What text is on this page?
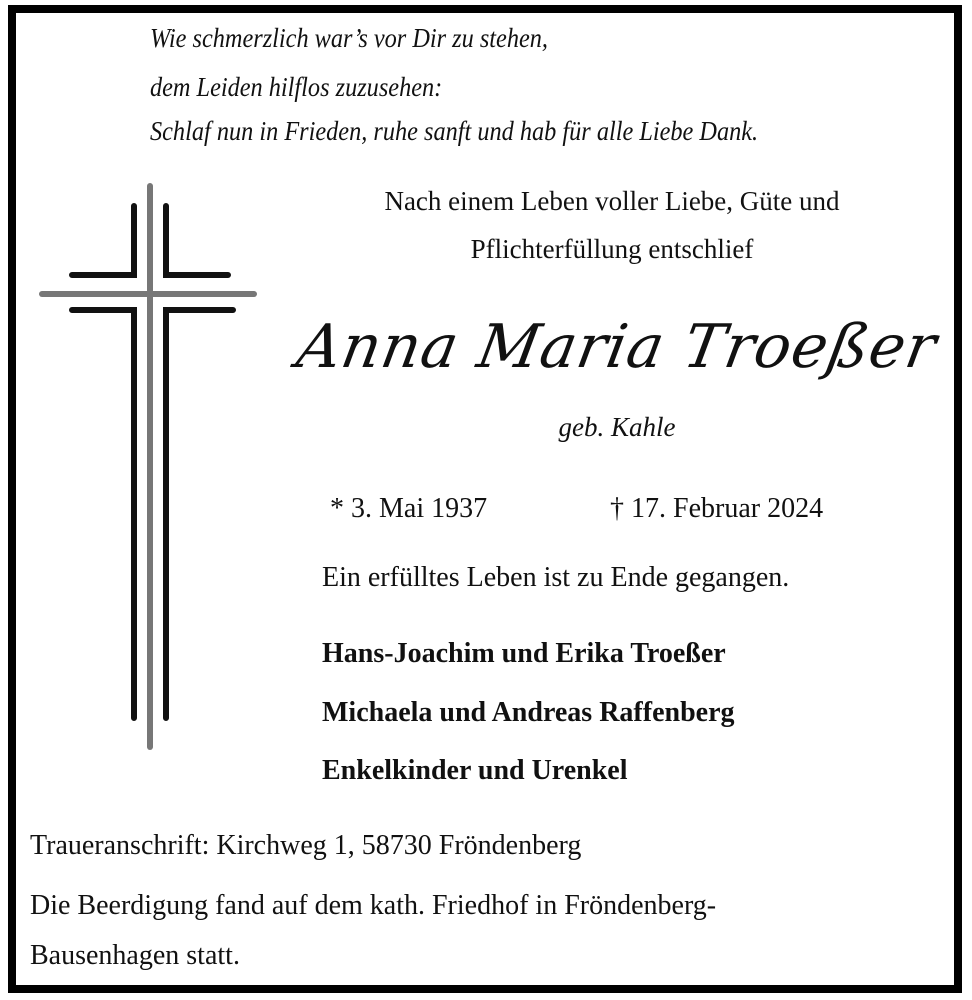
Wie schmerzlich war’s vor Dir zu stehen,
dem Leiden hilflos zuzusehen:
Schlaf nun in Frieden, ruhe sanft und hab für alle Liebe Dank.
Nach einem Leben voller Liebe, Güte und
Pflichterfüllung entschlief
Anna Maria Troeßer
geb. Kahle
* 3. Mai 1937	† 17. Februar 2024
Ein erfülltes Leben ist zu Ende gegangen.
Hans-Joachim und Erika Troeßer
Michaela und Andreas Raffenberg
Enkelkinder und Urenkel
Traueranschrift: Kirchweg 1, 58730 Fröndenberg
Die Beerdigung fand auf dem kath. Friedhof in Fröndenberg-
Bausenhagen statt.
